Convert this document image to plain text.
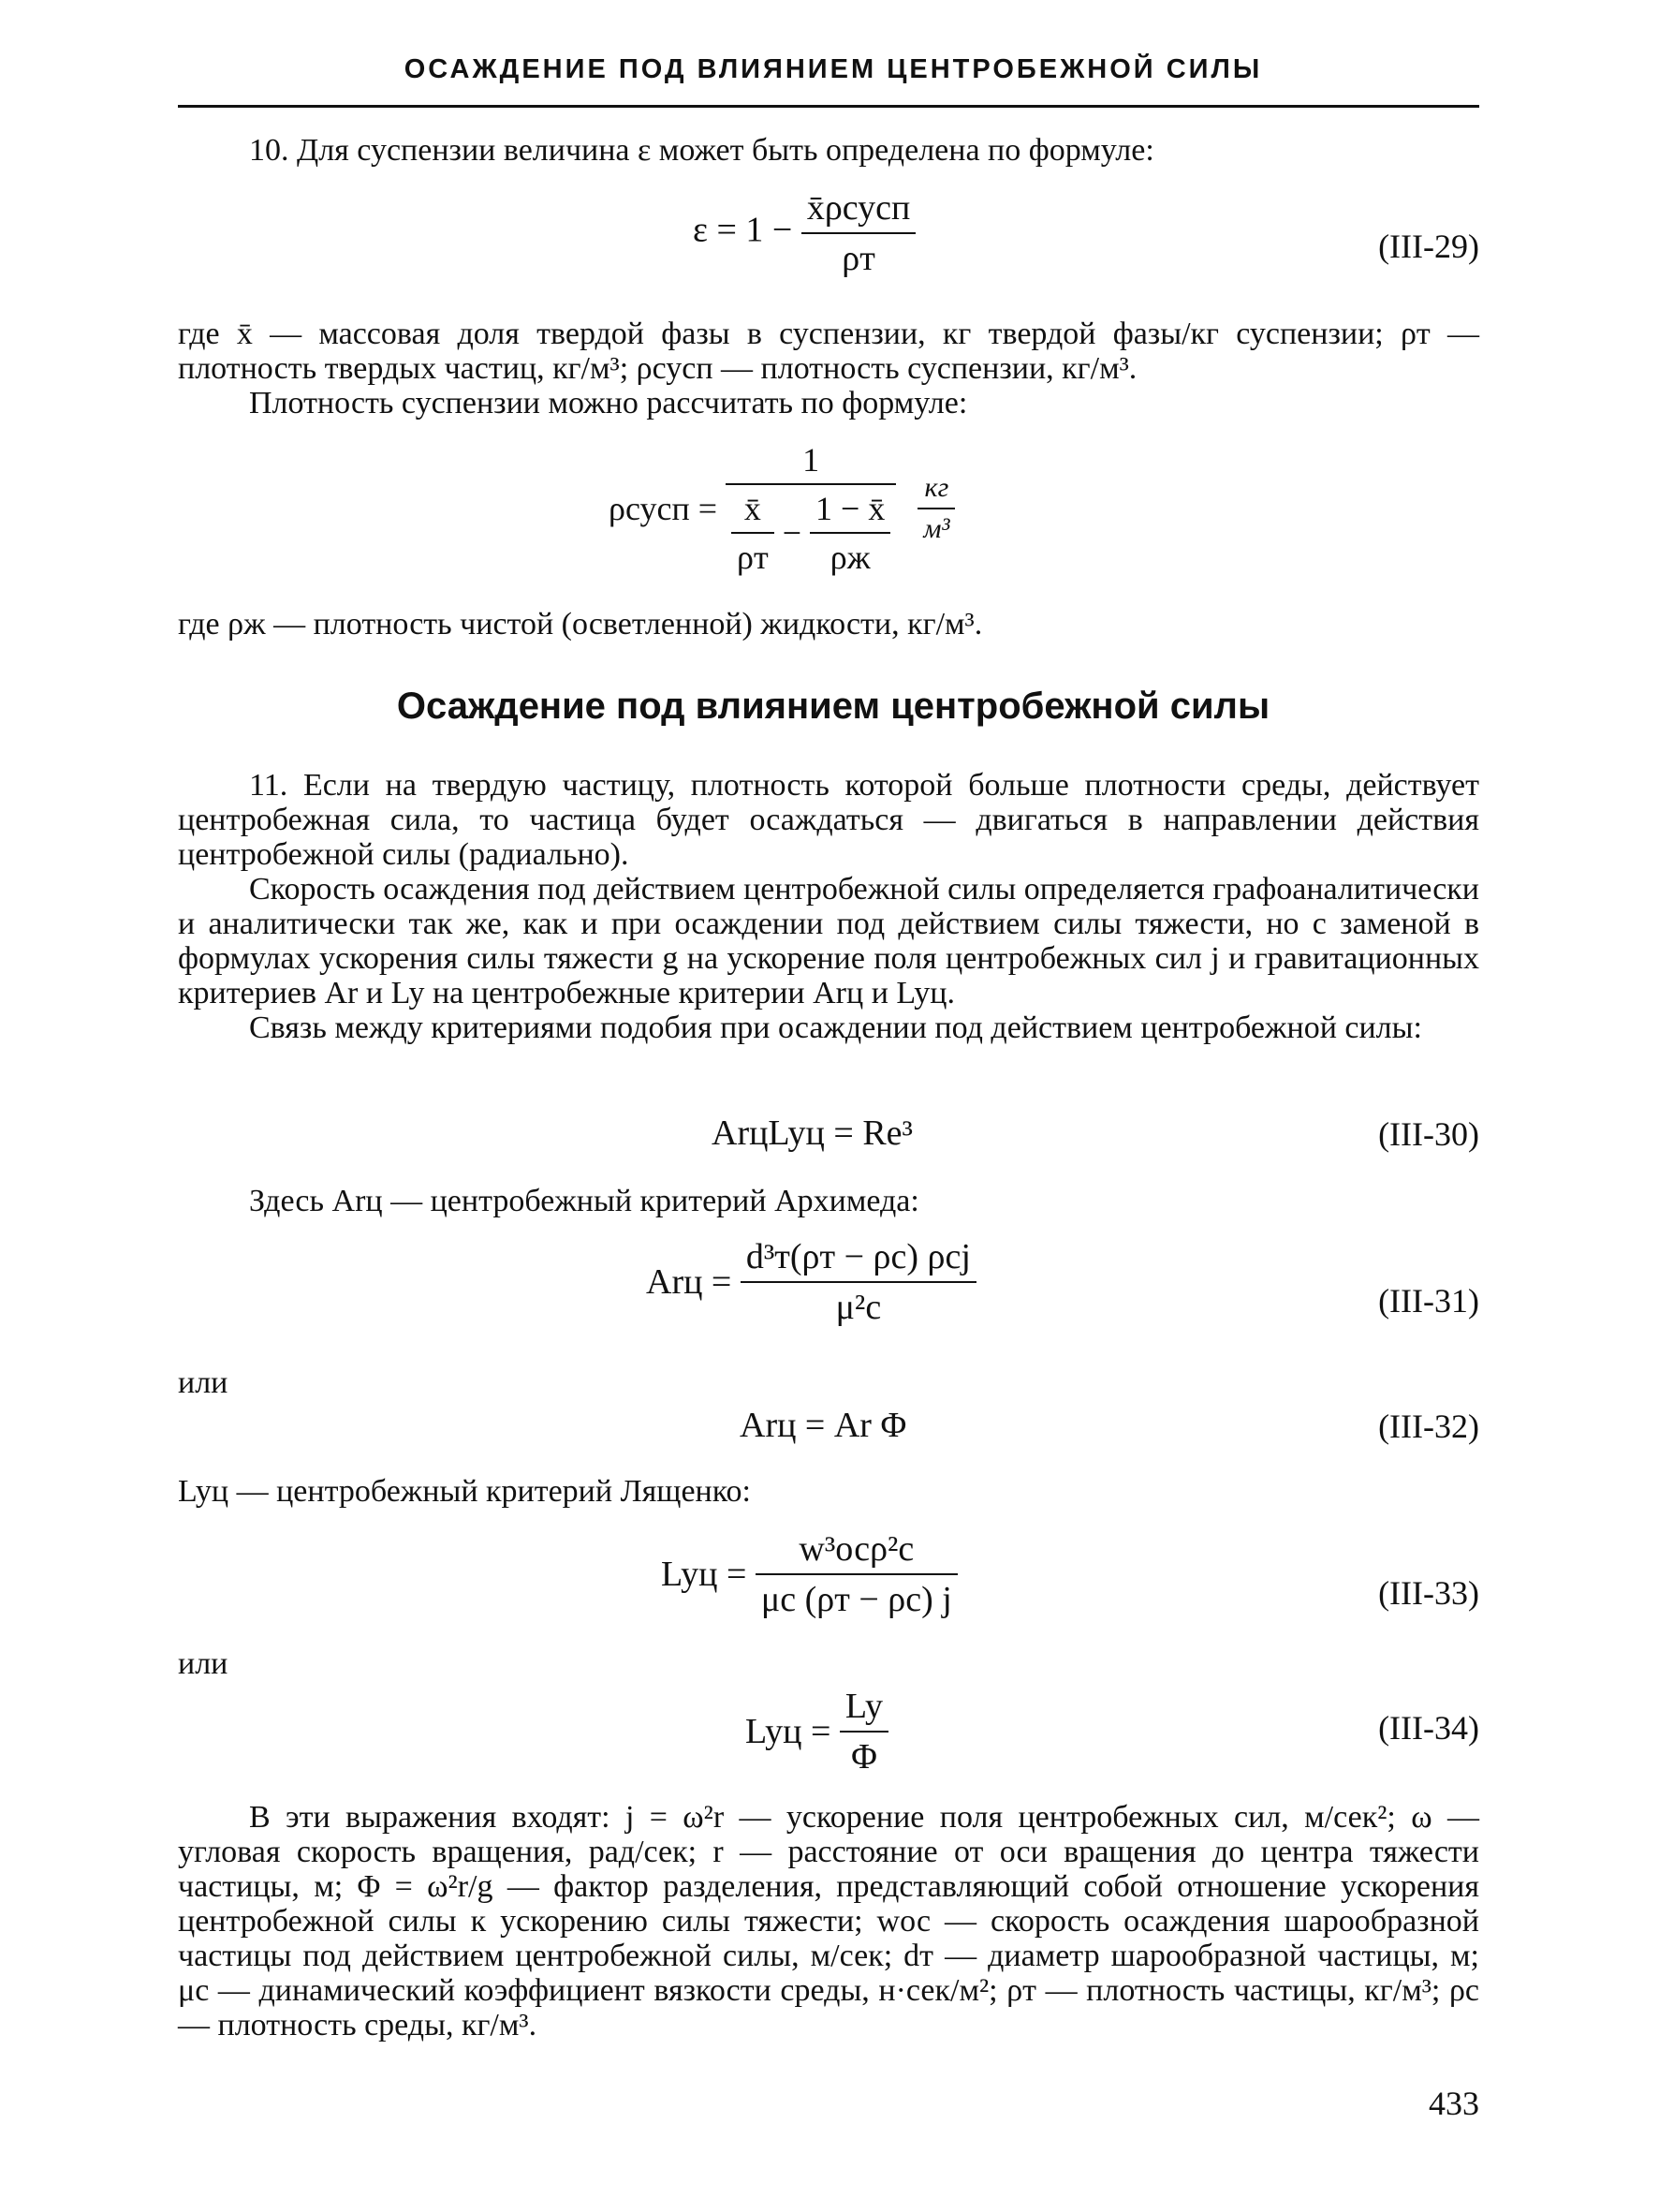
ОСАЖДЕНИЕ ПОД ВЛИЯНИЕМ ЦЕНТРОБЕЖНОЙ СИЛЫ

10. Для суспензии величина ε может быть определена по формуле:

$\varepsilon = 1 - \frac{\text{x̄ρсусп}}{\rho т}$	(III-29)

где x̄ — массовая доля твердой фазы в суспензии, кг твердой фазы/кг суспензии; ρт — плотность твердых частиц, кг/м³; ρсусп — плотность суспензии, кг/м³.

Плотность суспензии можно рассчитать по формуле:

ρсусп =
1
$\frac{x̄}{\rho т} - \frac{1 - x̄}{\rho ж}$
$\frac{кг}{\text{м³}}$

где ρж — плотность чистой (осветленной) жидкости, кг/м³.

Осаждение под влиянием центробежной силы

11. Если на твердую частицу, плотность которой больше плотности среды, действует центробежная сила, то частица будет осаждаться — двигаться в направлении действия центробежной силы (радиально).

Скорость осаждения под действием центробежной силы определяется графоаналитически и аналитически так же, как и при осаждении под действием силы тяжести, но с заменой в формулах ускорения силы тяжести g на ускорение поля центробежных сил j и гравитационных критериев Ar и Ly на центробежные критерии Arц и Lyц.

Связь между критериями подобия при осаждении под действием центробежной силы:

ArцLyц = Re³	(III-30)
Здесь Arц — центробежный критерий Архимеда:
Arц = $\frac{\text{d³т(ρт − ρс) ρсj}}{\text{μ²с}}$	(III-31)
или
Arц = Ar Φ	(III-32)
Lyц — центробежный критерий Лященко:
Lyц = $\frac{\text{w³осρ²с}}{\mu с (\rho т - \rho с) j}$	(III-33)
или
Lyц = $\frac{Ly}{\Phi}$	(III-34)

В эти выражения входят: j = ω²r — ускорение поля центробежных сил, м/сек²; ω — угловая скорость вращения, рад/сек; r — расстояние от оси вращения до центра тяжести частицы, м; Φ = ω²r/g — фактор разделения, представляющий собой отношение ускорения центробежной силы к ускорению силы тяжести; wос — скорость осаждения шарообразной частицы под действием центробежной силы, м/сек; dт — диаметр шарообразной частицы, м; μс — динамический коэффициент вязкости среды, н·сек/м²; ρт — плотность частицы, кг/м³; ρс — плотность среды, кг/м³.

433
